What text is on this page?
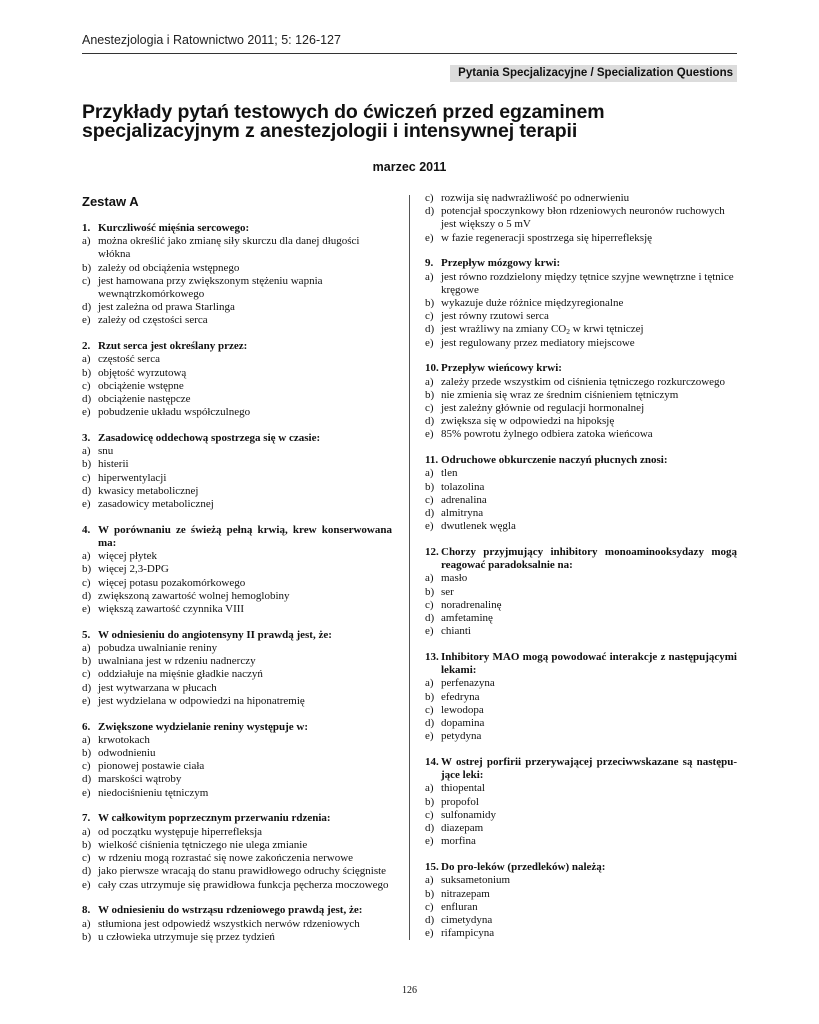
Anestezjologia i Ratownictwo 2011; 5: 126-127
Pytania Specjalizacyjne / Specialization Questions
Przykłady pytań testowych do ćwiczeń przed egzaminem specjalizacyjnym z anestezjologii i intensywnej terapii
marzec 2011
Zestaw A
1. Kurczliwość mięśnia sercowego:
a) można określić jako zmianę siły skurczu dla danej długości włókna
b) zależy od obciążenia wstępnego
c) jest hamowana przy zwiększonym stężeniu wapnia wewnątrzkomórkowego
d) jest zależna od prawa Starlinga
e) zależy od częstości serca
2. Rzut serca jest określany przez:
a) częstość serca
b) objętość wyrzutową
c) obciążenie wstępne
d) obciążenie następcze
e) pobudzenie układu współczulnego
3. Zasadowicę oddechową spostrzega się w czasie:
a) snu
b) histerii
c) hiperwentylacji
d) kwasicy metabolicznej
e) zasadowicy metabolicznej
4. W porównaniu ze świeżą pełną krwią, krew konserwowana ma:
a) więcej płytek
b) więcej 2,3-DPG
c) więcej potasu pozakomórkowego
d) zwiększoną zawartość wolnej hemoglobiny
e) większą zawartość czynnika VIII
5. W odniesieniu do angiotensyny II prawdą jest, że:
a) pobudza uwalnianie reniny
b) uwalniana jest w rdzeniu nadnerczy
c) oddziałuje na mięśnie gładkie naczyń
d) jest wytwarzana w płucach
e) jest wydzielana w odpowiedzi na hiponatremię
6. Zwiększone wydzielanie reniny występuje w:
a) krwotokach
b) odwodnieniu
c) pionowej postawie ciała
d) marskości wątroby
e) niedociśnieniu tętniczym
7. W całkowitym poprzecznym przerwaniu rdzenia:
a) od początku występuje hiperrefleksja
b) wielkość ciśnienia tętniczego nie ulega zmianie
c) w rdzeniu mogą rozrastać się nowe zakończenia nerwowe
d) jako pierwsze wracają do stanu prawidłowego odruchy ścięgniste
e) cały czas utrzymuje się prawidłowa funkcja pęcherza moczowego
8. W odniesieniu do wstrząsu rdzeniowego prawdą jest, że:
a) stłumiona jest odpowiedź wszystkich nerwów rdzeniowych
b) u człowieka utrzymuje się przez tydzień
c) rozwija się nadwrażliwość po odnerwieniu
d) potencjał spoczynkowy błon rdzeniowych neuronów ruchowych jest większy o 5 mV
e) w fazie regeneracji spostrzega się hiperrefleksję
9. Przepływ mózgowy krwi:
a) jest równo rozdzielony między tętnice szyjne wewnętrzne i tętnice kręgowe
b) wykazuje duże różnice międzyregionalne
c) jest równy rzutowi serca
d) jest wrażliwy na zmiany $CO_2$ w krwi tętniczej
e) jest regulowany przez mediatory miejscowe
10. Przepływ wieńcowy krwi:
a) zależy przede wszystkim od ciśnienia tętniczego rozkurczowego
b) nie zmienia się wraz ze średnim ciśnieniem tętniczym
c) jest zależny głównie od regulacji hormonalnej
d) zwiększa się w odpowiedzi na hipoksję
e) 85% powrotu żylnego odbiera zatoka wieńcowa
11. Odruchowe obkurczenie naczyń płucnych znosi:
a) tlen
b) tolazolina
c) adrenalina
d) almitryna
e) dwutlenek węgla
12. Chorzy przyjmujący inhibitory monoaminooksydazy mogą reagować paradoksalnie na:
a) masło
b) ser
c) noradrenalinę
d) amfetaminę
e) chianti
13. Inhibitory MAO mogą powodować interakcje z następującymi lekami:
a) perfenazyna
b) efedryna
c) lewodopa
d) dopamina
e) petydyna
14. W ostrej porfirii przerywającej przeciwwskazane są następujące leki:
a) thiopental
b) propofol
c) sulfonamidy
d) diazepam
e) morfina
15. Do pro-leków (przedleków) należą:
a) suksametonium
b) nitrazepam
c) enfluran
d) cimetydyna
e) rifampicyna
126
